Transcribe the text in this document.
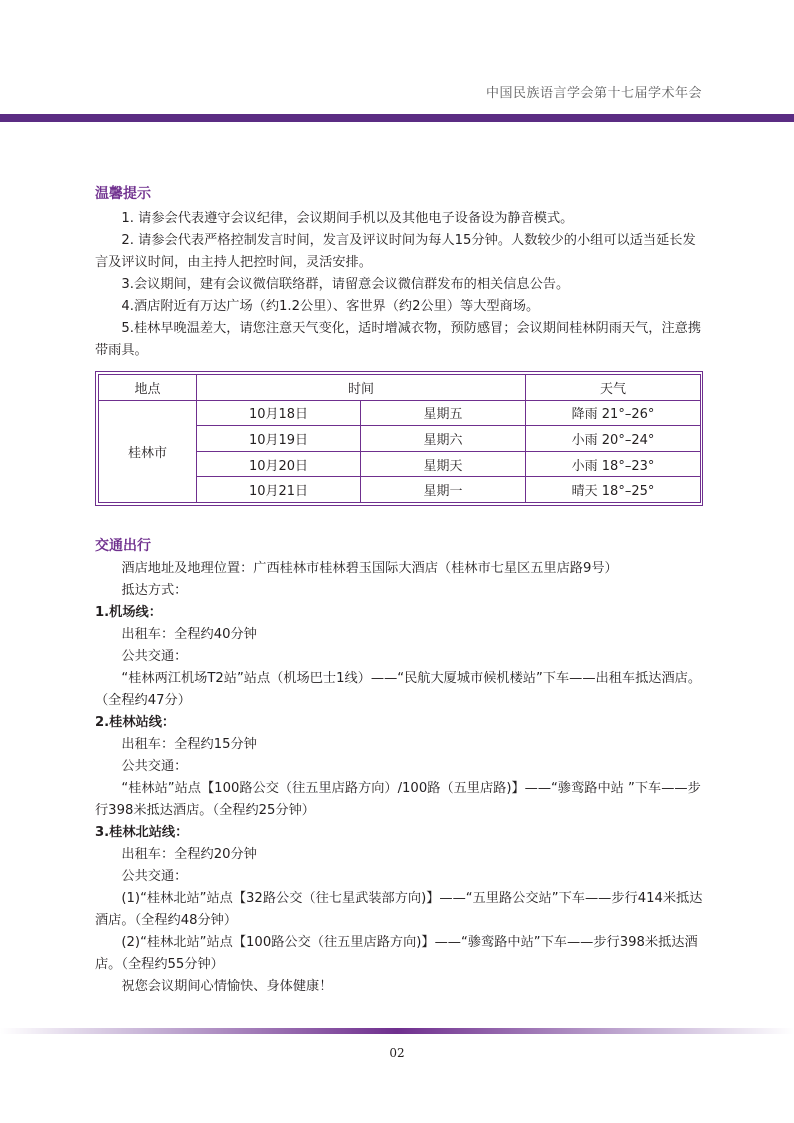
中国民族语言学会第十七届学术年会
温馨提示

1. 请参会代表遵守会议纪律，会议期间手机以及其他电子设备设为静音模式。

2. 请参会代表严格控制发言时间，发言及评议时间为每人15分钟。人数较少的小组可以适当延长发言及评议时间，由主持人把控时间，灵活安排。

3.会议期间，建有会议微信联络群，请留意会议微信群发布的相关信息公告。

4.酒店附近有万达广场（约1.2公里）、客世界（约2公里）等大型商场。

5.桂林早晚温差大，请您注意天气变化，适时增减衣物，预防感冒；会议期间桂林阴雨天气，注意携带雨具。

地点	时间		天气
桂林市	10月18日	星期五	降雨 21°–26°
	10月19日	星期六	小雨 20°–24°
	10月20日	星期天	小雨 18°–23°
	10月21日	星期一	晴天 18°–25°
交通出行

酒店地址及地理位置：广西桂林市桂林碧玉国际大酒店（桂林市七星区五里店路9号）

抵达方式：

1.机场线：

出租车：全程约40分钟

公共交通：

“桂林两江机场T2站”站点（机场巴士1线）——“民航大厦城市候机楼站”下车——出租车抵达酒店。（全程约47分）

2.桂林站线：

出租车：全程约15分钟

公共交通：

“桂林站”站点【100路公交（往五里店路方向）/100路（五里店路)】——“骖鸾路中站 ”下车——步行398米抵达酒店。（全程约25分钟）

3.桂林北站线：

出租车：全程约20分钟

公共交通：

(1)“桂林北站”站点【32路公交（往七星武装部方向)】——“五里路公交站”下车——步行414米抵达酒店。（全程约48分钟）

(2)“桂林北站”站点【100路公交（往五里店路方向)】——“骖鸾路中站”下车——步行398米抵达酒店。（全程约55分钟）

祝您会议期间心情愉快、身体健康！

02
